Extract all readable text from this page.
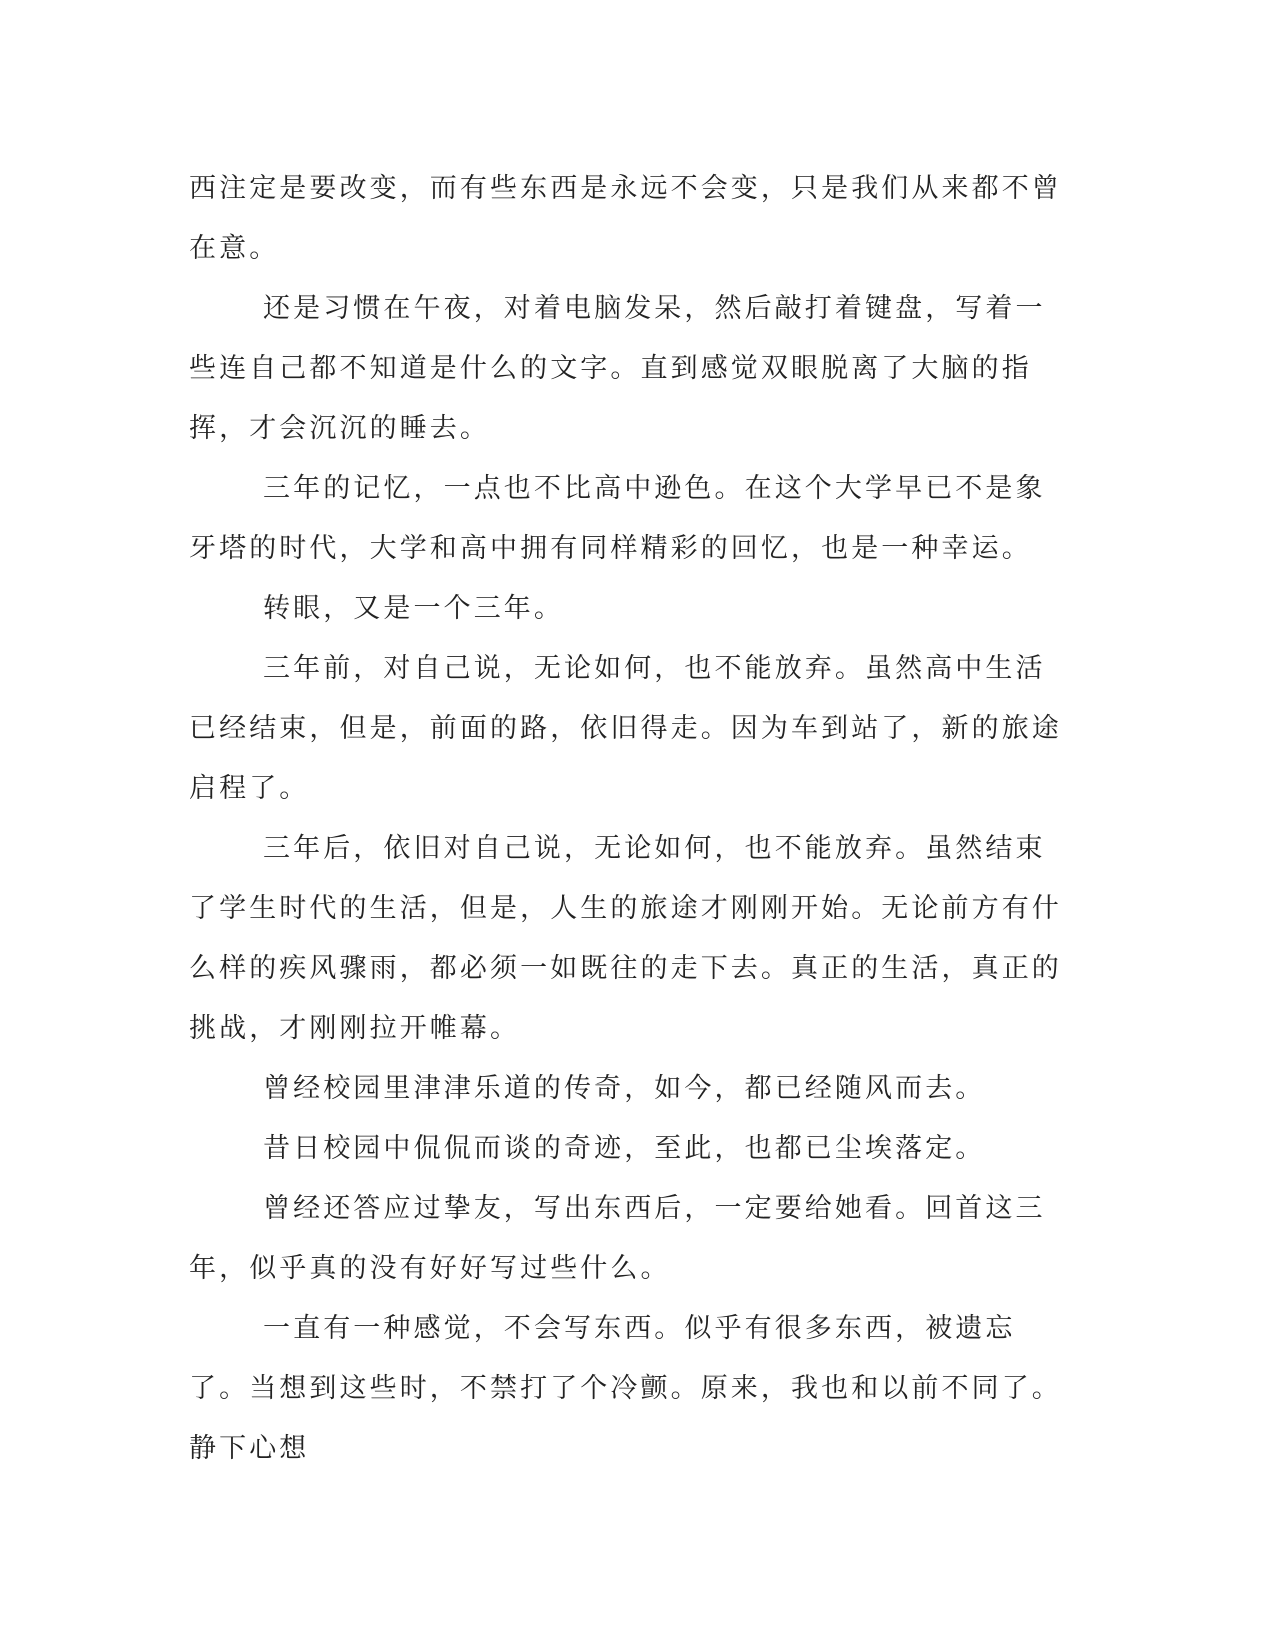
西注定是要改变，而有些东西是永远不会变，只是我们从来都不曾在意。

还是习惯在午夜，对着电脑发呆，然后敲打着键盘，写着一些连自己都不知道是什么的文字。直到感觉双眼脱离了大脑的指挥，才会沉沉的睡去。

三年的记忆，一点也不比高中逊色。在这个大学早已不是象牙塔的时代，大学和高中拥有同样精彩的回忆，也是一种幸运。

转眼，又是一个三年。

三年前，对自己说，无论如何，也不能放弃。虽然高中生活已经结束，但是，前面的路，依旧得走。因为车到站了，新的旅途启程了。

三年后，依旧对自己说，无论如何，也不能放弃。虽然结束了学生时代的生活，但是，人生的旅途才刚刚开始。无论前方有什么样的疾风骤雨，都必须一如既往的走下去。真正的生活，真正的挑战，才刚刚拉开帷幕。

曾经校园里津津乐道的传奇，如今，都已经随风而去。

昔日校园中侃侃而谈的奇迹，至此，也都已尘埃落定。

曾经还答应过挚友，写出东西后，一定要给她看。回首这三年，似乎真的没有好好写过些什么。

一直有一种感觉，不会写东西。似乎有很多东西，被遗忘了。当想到这些时，不禁打了个冷颤。原来，我也和以前不同了。静下心想
